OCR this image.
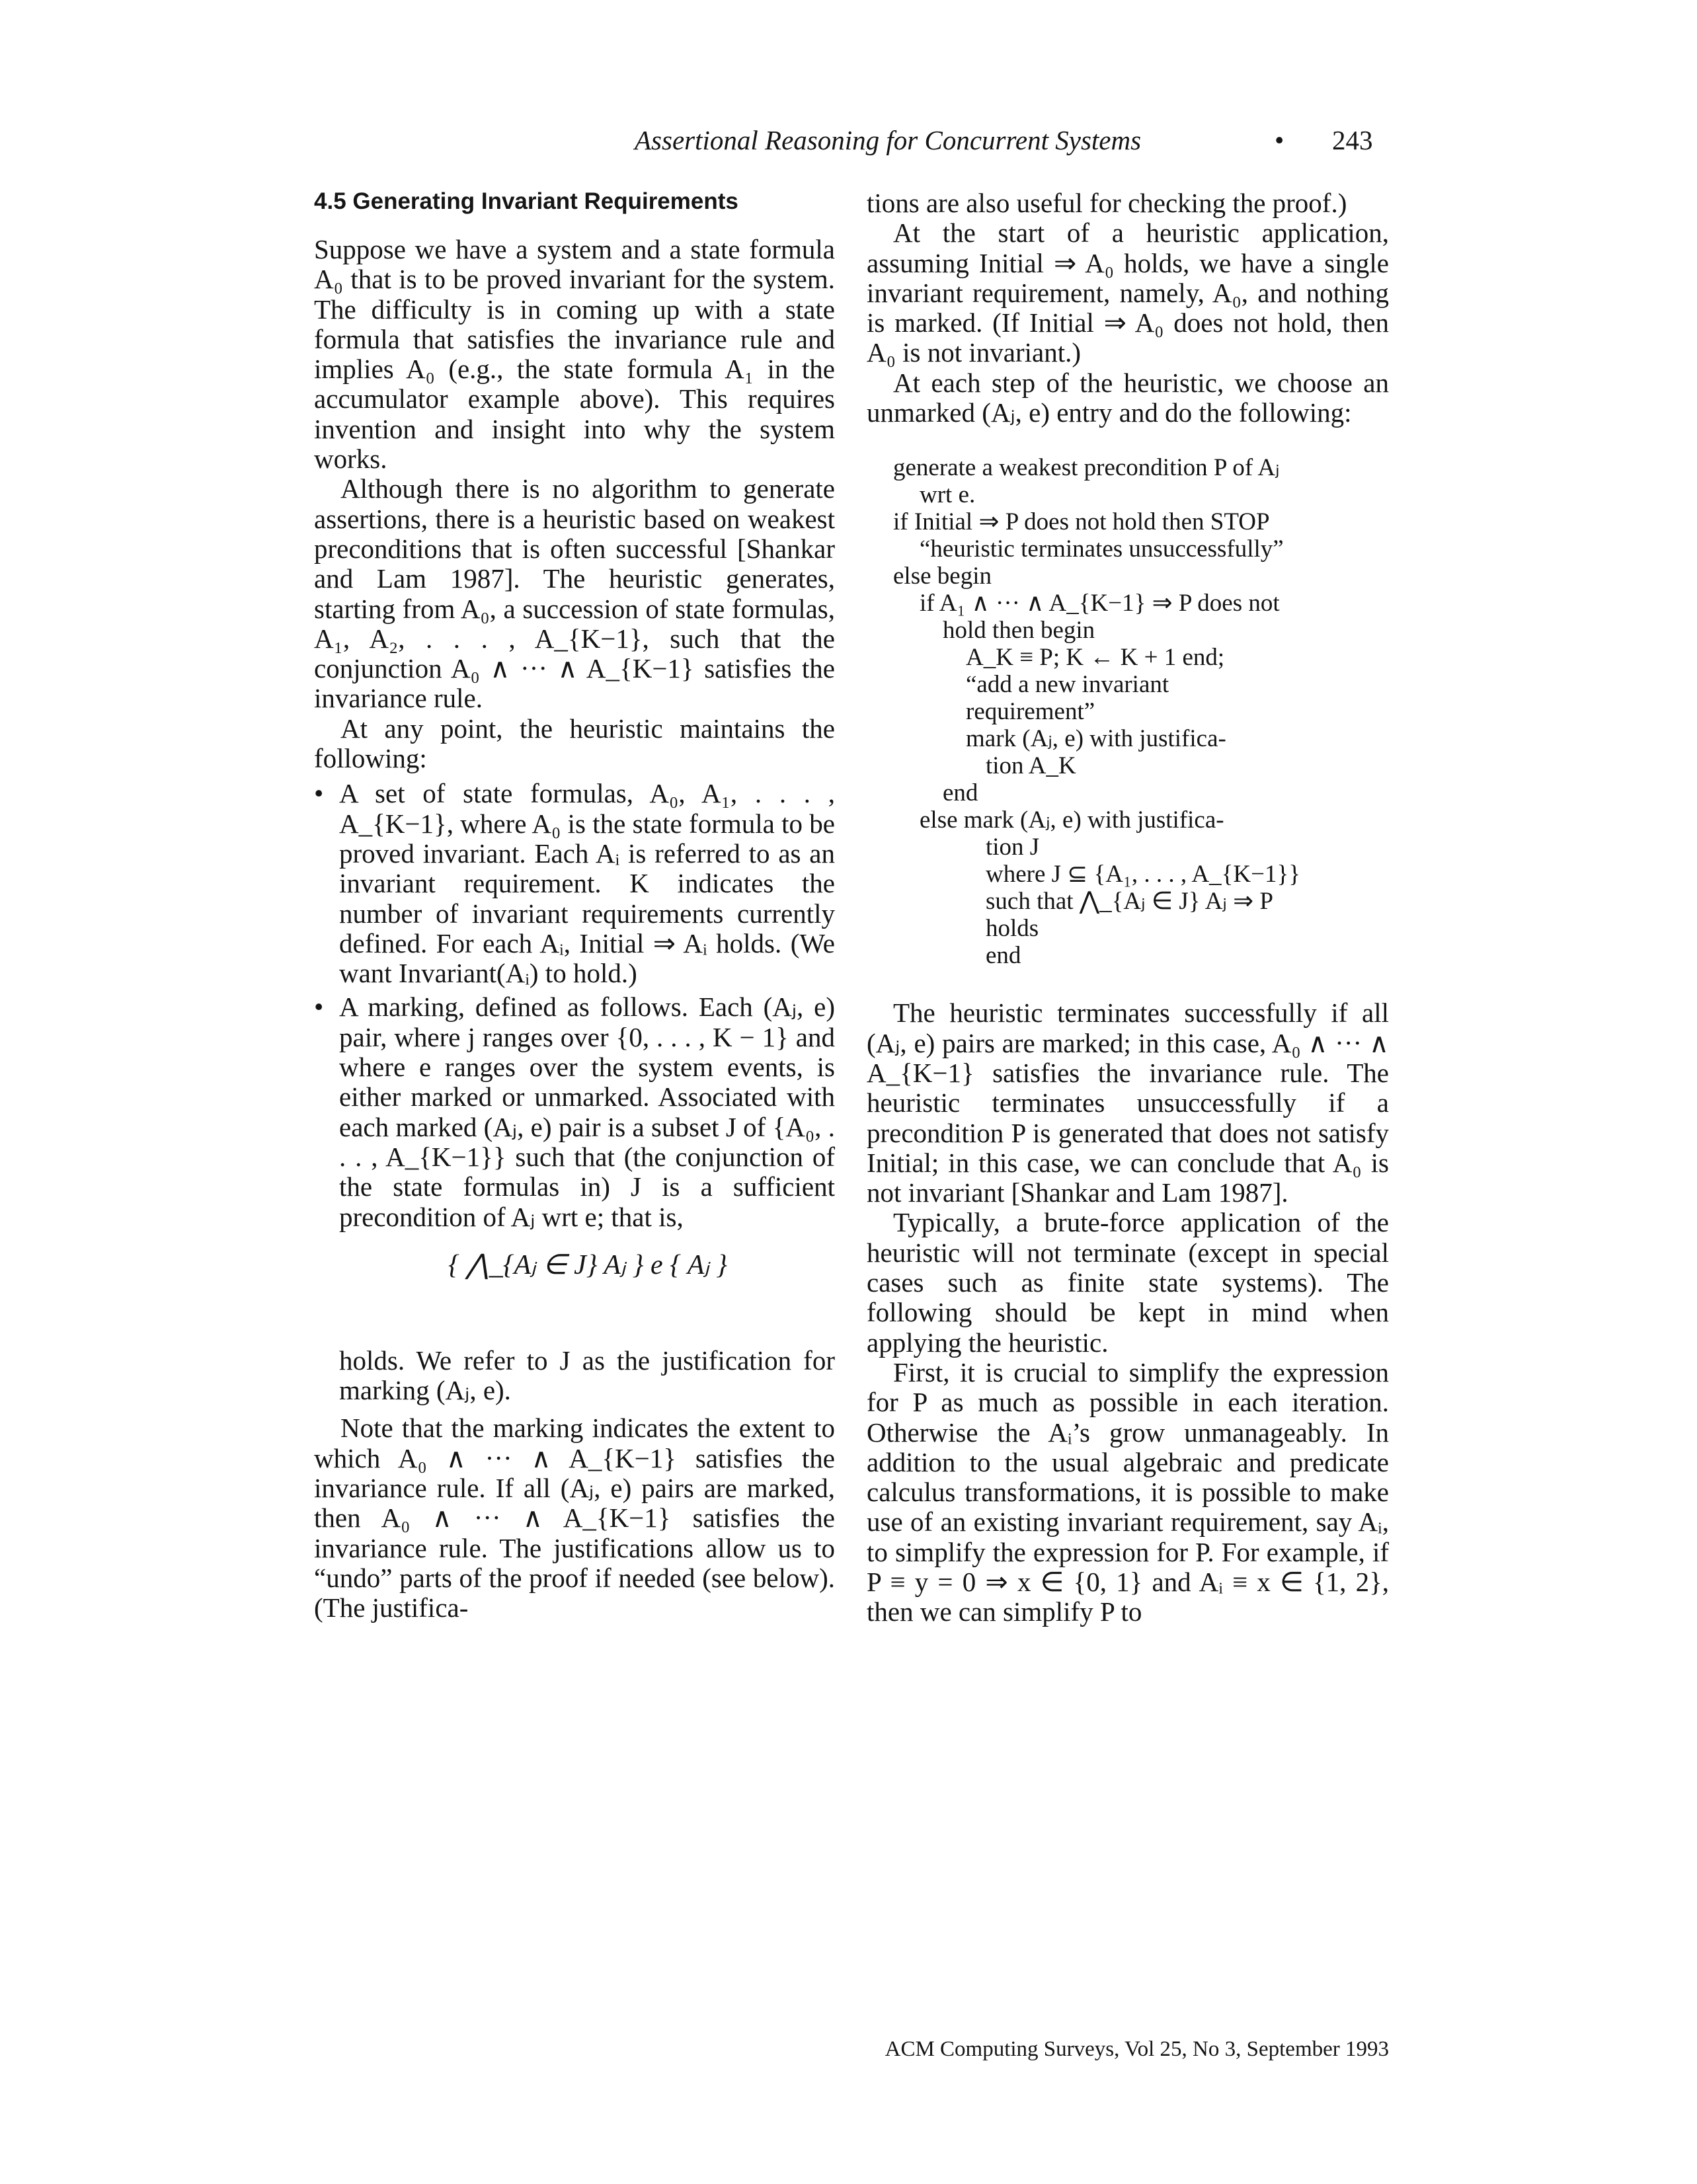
Assertional Reasoning for Concurrent Systems	• 243
4.5 Generating Invariant Requirements

Suppose we have a system and a state formula A₀ that is to be proved invariant for the system. The difficulty is in coming up with a state formula that satisfies the invariance rule and implies A₀ (e.g., the state formula A₁ in the accumulator example above). This requires invention and insight into why the system works.

Although there is no algorithm to generate assertions, there is a heuristic based on weakest preconditions that is often successful [Shankar and Lam 1987]. The heuristic generates, starting from A₀, a succession of state formulas, A₁, A₂, . . . , A_{K−1}, such that the conjunction A₀ ∧ ··· ∧ A_{K−1} satisfies the invariance rule.

At any point, the heuristic maintains the following:

• A set of state formulas, A₀, A₁, . . . , A_{K−1}, where A₀ is the state formula to be proved invariant. Each Aᵢ is referred to as an invariant requirement. K indicates the number of invariant requirements currently defined. For each Aᵢ, Initial ⇒ Aᵢ holds. (We want Invariant(Aᵢ) to hold.)
• A marking, defined as follows. Each (Aⱼ, e) pair, where j ranges over {0, . . . , K − 1} and where e ranges over the system events, is either marked or unmarked. Associated with each marked (Aⱼ, e) pair is a subset J of {A₀, . . . , A_{K−1}} such that (the conjunction of the state formulas in) J is a sufficient precondition of Aⱼ wrt e; that is,
{ ⋀_{Aⱼ ∈ J} Aⱼ } e { Aⱼ }

holds. We refer to J as the justification for marking (Aⱼ, e).

Note that the marking indicates the extent to which A₀ ∧ ··· ∧ A_{K−1} satisfies the invariance rule. If all (Aⱼ, e) pairs are marked, then A₀ ∧ ··· ∧ A_{K−1} satisfies the invariance rule. The justifications allow us to “undo” parts of the proof if needed (see below). (The justifica-

tions are also useful for checking the proof.)

At the start of a heuristic application, assuming Initial ⇒ A₀ holds, we have a single invariant requirement, namely, A₀, and nothing is marked. (If Initial ⇒ A₀ does not hold, then A₀ is not invariant.)

At each step of the heuristic, we choose an unmarked (Aⱼ, e) entry and do the following:

generate a weakest precondition P of Aⱼ
wrt e.
if Initial ⇒ P does not hold then STOP
“heuristic terminates unsuccessfully”
else begin
if A₁ ∧ ··· ∧ A_{K−1} ⇒ P does not
hold then begin
A_K ≡ P; K ← K + 1 end;
“add a new invariant
requirement”
mark (Aⱼ, e) with justifica-
tion A_K
end
else mark (Aⱼ, e) with justifica-
tion J
where J ⊆ {A₁, . . . , A_{K−1}}
such that ⋀_{Aⱼ ∈ J} Aⱼ ⇒ P
holds
end

The heuristic terminates successfully if all (Aⱼ, e) pairs are marked; in this case, A₀ ∧ ··· ∧ A_{K−1} satisfies the invariance rule. The heuristic terminates unsuccessfully if a precondition P is generated that does not satisfy Initial; in this case, we can conclude that A₀ is not invariant [Shankar and Lam 1987].

Typically, a brute-force application of the heuristic will not terminate (except in special cases such as finite state systems). The following should be kept in mind when applying the heuristic.

First, it is crucial to simplify the expression for P as much as possible in each iteration. Otherwise the Aᵢ’s grow unmanageably. In addition to the usual algebraic and predicate calculus transformations, it is possible to make use of an existing invariant requirement, say Aᵢ, to simplify the expression for P. For example, if P ≡ y = 0 ⇒ x ∈ {0, 1} and Aᵢ ≡ x ∈ {1, 2}, then we can simplify P to

ACM Computing Surveys, Vol 25, No 3, September 1993
